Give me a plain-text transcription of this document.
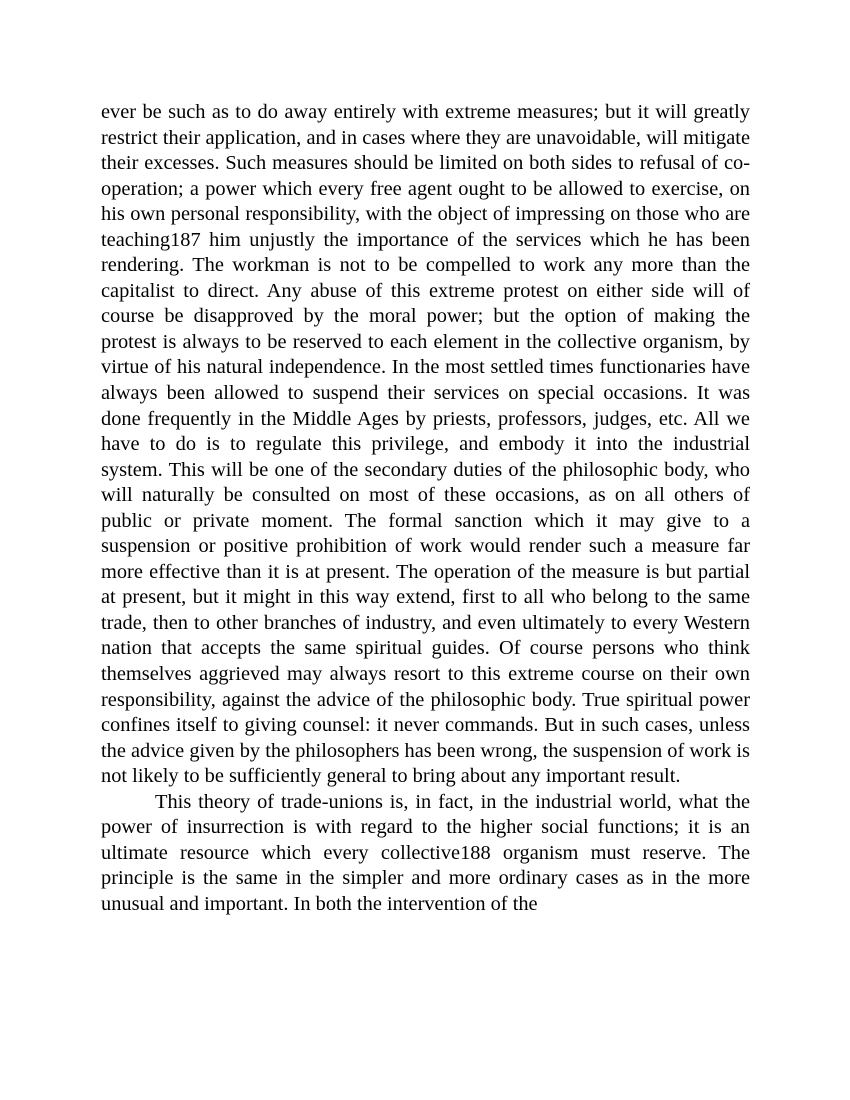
ever be such as to do away entirely with extreme measures; but it will greatly restrict their application, and in cases where they are unavoidable, will mitigate their excesses. Such measures should be limited on both sides to refusal of co-operation; a power which every free agent ought to be allowed to exercise, on his own personal responsibility, with the object of impressing on those who are teaching187 him unjustly the importance of the services which he has been rendering. The workman is not to be compelled to work any more than the capitalist to direct. Any abuse of this extreme protest on either side will of course be disapproved by the moral power; but the option of making the protest is always to be reserved to each element in the collective organism, by virtue of his natural independence. In the most settled times functionaries have always been allowed to suspend their services on special occasions. It was done frequently in the Middle Ages by priests, professors, judges, etc. All we have to do is to regulate this privilege, and embody it into the industrial system. This will be one of the secondary duties of the philosophic body, who will naturally be consulted on most of these occasions, as on all others of public or private moment. The formal sanction which it may give to a suspension or positive prohibition of work would render such a measure far more effective than it is at present. The operation of the measure is but partial at present, but it might in this way extend, first to all who belong to the same trade, then to other branches of industry, and even ultimately to every Western nation that accepts the same spiritual guides. Of course persons who think themselves aggrieved may always resort to this extreme course on their own responsibility, against the advice of the philosophic body. True spiritual power confines itself to giving counsel: it never commands. But in such cases, unless the advice given by the philosophers has been wrong, the suspension of work is not likely to be sufficiently general to bring about any important result.

This theory of trade-unions is, in fact, in the industrial world, what the power of insurrection is with regard to the higher social functions; it is an ultimate resource which every collective188 organism must reserve. The principle is the same in the simpler and more ordinary cases as in the more unusual and important. In both the intervention of the
